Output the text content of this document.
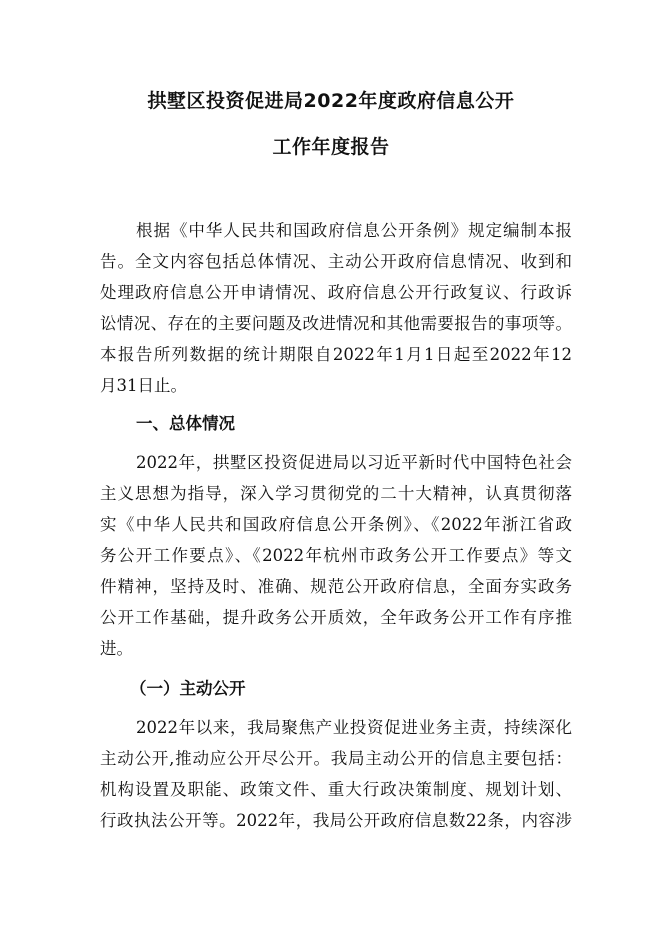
拱墅区投资促进局2022年度政府信息公开
工作年度报告
根据《中华人民共和国政府信息公开条例》规定编制本报
告。全文内容包括总体情况、主动公开政府信息情况、收到和
处理政府信息公开申请情况、政府信息公开行政复议、行政诉
讼情况、存在的主要问题及改进情况和其他需要报告的事项等。
本报告所列数据的统计期限自2022年1月1日起至2022年12
月31日止。
一、总体情况
2022年，拱墅区投资促进局以习近平新时代中国特色社会
主义思想为指导，深入学习贯彻党的二十大精神，认真贯彻落
实《中华人民共和国政府信息公开条例》、《2022年浙江省政
务公开工作要点》、《2022年杭州市政务公开工作要点》等文
件精神，坚持及时、准确、规范公开政府信息，全面夯实政务
公开工作基础，提升政务公开质效，全年政务公开工作有序推
进。
（一）主动公开
2022年以来，我局聚焦产业投资促进业务主责，持续深化
主动公开,推动应公开尽公开。我局主动公开的信息主要包括：
机构设置及职能、政策文件、重大行政决策制度、规划计划、
行政执法公开等。2022年，我局公开政府信息数22条，内容涉
